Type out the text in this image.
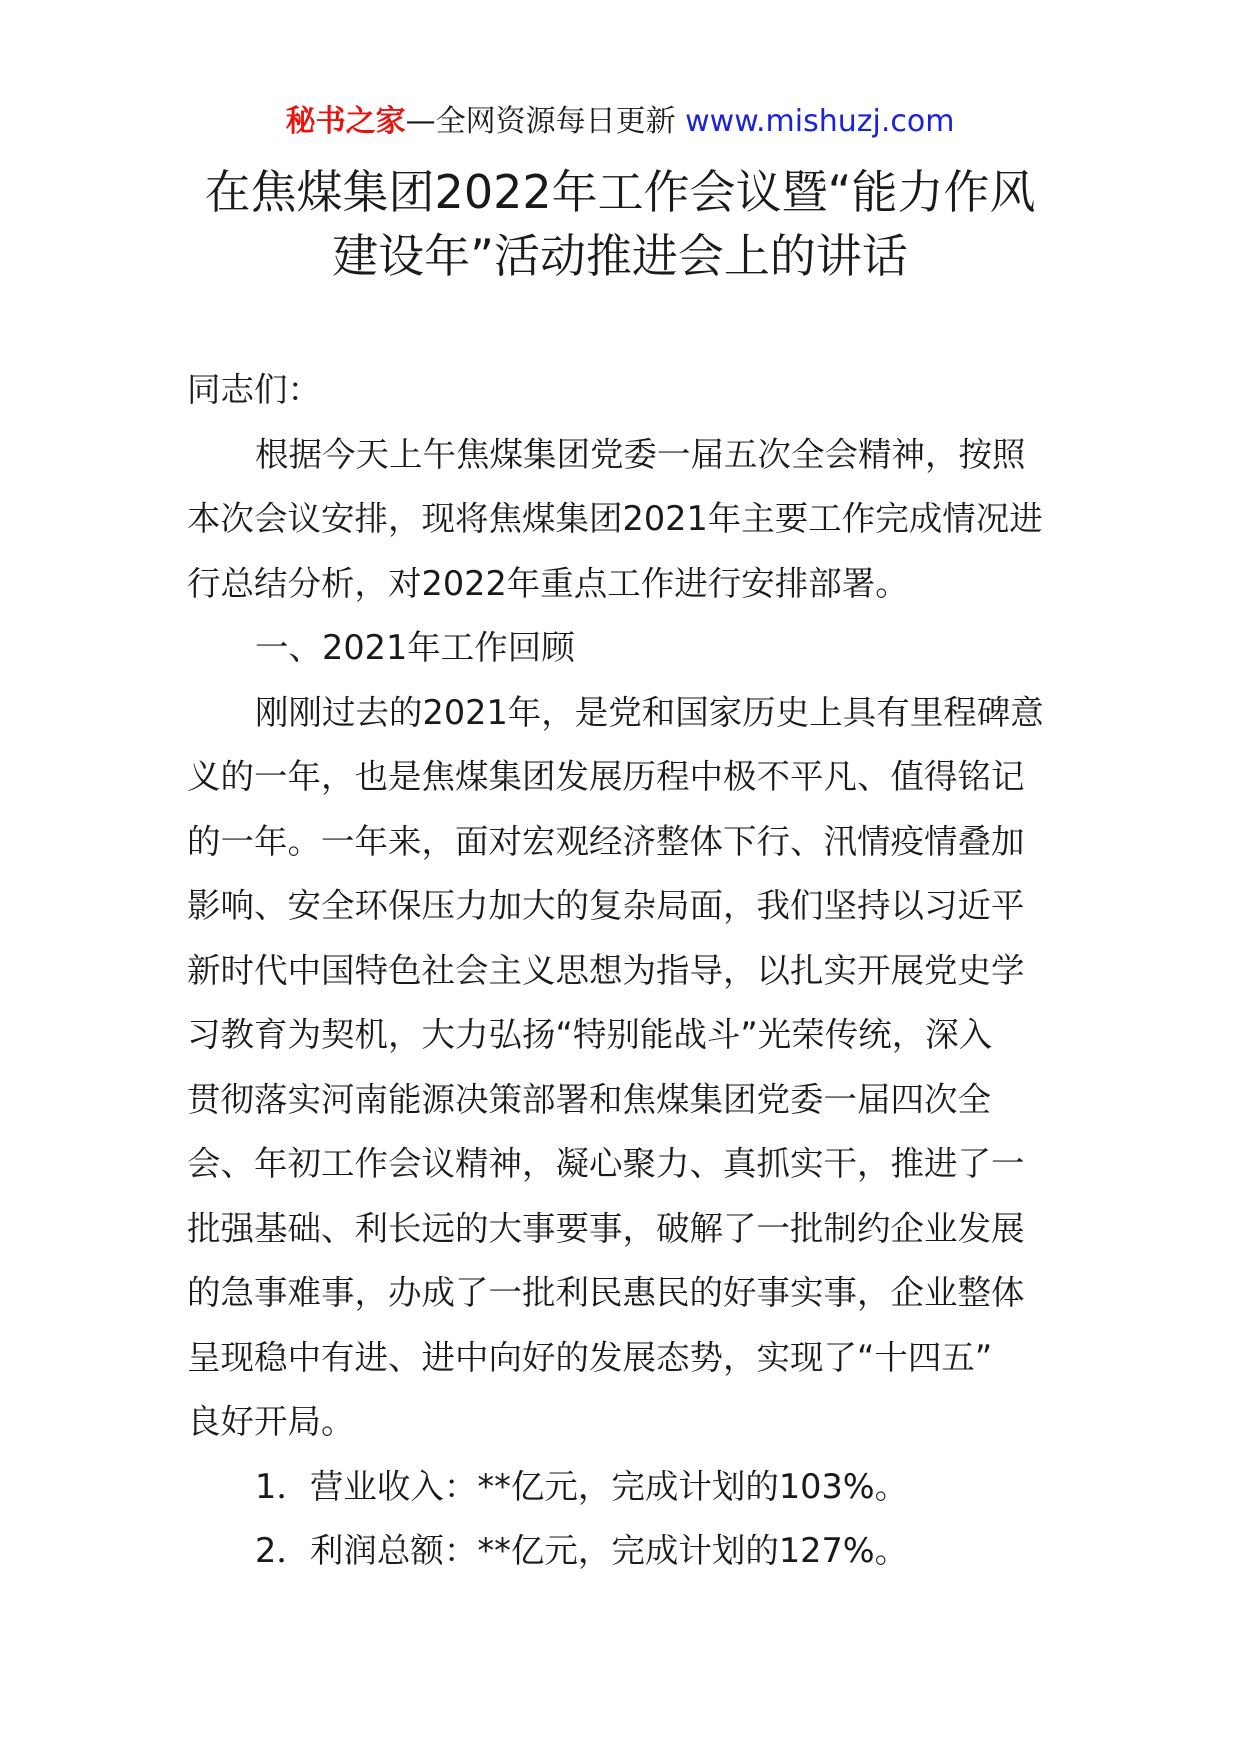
秘书之家—全网资源每日更新 www.mishuzj.com
在焦煤集团2022年工作会议暨“能力作风
建设年”活动推进会上的讲话
同志们：
根据今天上午焦煤集团党委一届五次全会精神，按照
本次会议安排，现将焦煤集团2021年主要工作完成情况进
行总结分析，对2022年重点工作进行安排部署。
一、2021年工作回顾
刚刚过去的2021年，是党和国家历史上具有里程碑意
义的一年，也是焦煤集团发展历程中极不平凡、值得铭记
的一年。一年来，面对宏观经济整体下行、汛情疫情叠加
影响、安全环保压力加大的复杂局面，我们坚持以习近平
新时代中国特色社会主义思想为指导，以扎实开展党史学
习教育为契机，大力弘扬“特别能战斗”光荣传统，深入
贯彻落实河南能源决策部署和焦煤集团党委一届四次全
会、年初工作会议精神，凝心聚力、真抓实干，推进了一
批强基础、利长远的大事要事，破解了一批制约企业发展
的急事难事，办成了一批利民惠民的好事实事，企业整体
呈现稳中有进、进中向好的发展态势，实现了“十四五”
良好开局。
1．营业收入：**亿元，完成计划的103%。
2．利润总额：**亿元，完成计划的127%。
